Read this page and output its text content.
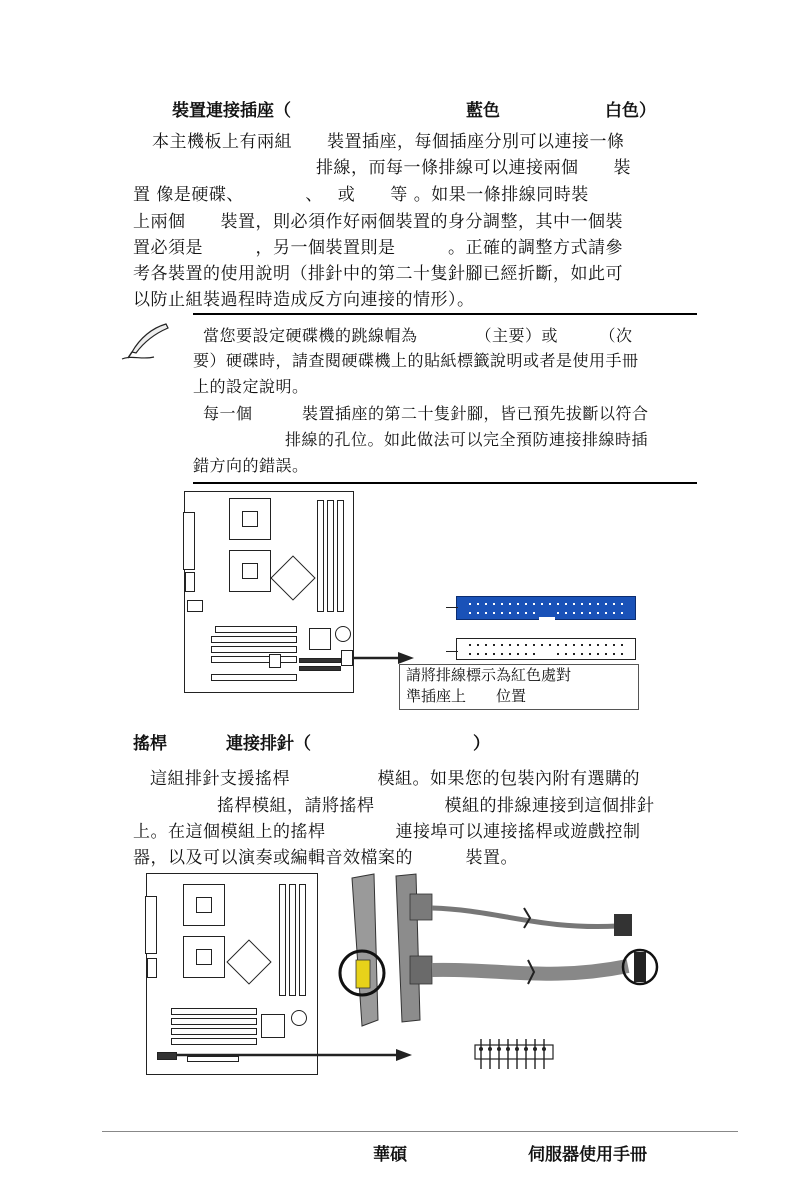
裝置連接插座（	藍色	白色）
本主機板上有兩組　　裝置插座，每個插座分別可以連接一條
排線，而每一條排線可以連接兩個　　裝
置 像是硬碟、　　　　、　 或　　等 。如果一條排線同時裝
上兩個　　裝置，則必須作好兩個裝置的身分調整，其中一個裝
置必須是　　　，另一個裝置則是　　　。正確的調整方式請參
考各裝置的使用說明（排針中的第二十隻針腳已經折斷，如此可
以防止組裝過程時造成反方向連接的情形）。
當您要設定硬碟機的跳線帽為　　　　（主要）或　　　（次
要）硬碟時，請查閱硬碟機上的貼紙標籤說明或者是使用手冊
上的設定說明。
每一個　　　裝置插座的第二十隻針腳，皆已預先拔斷以符合
排線的孔位。如此做法可以完全預防連接排線時插
錯方向的錯誤。
請將排線標示為紅色處對
準插座上　　位置
搖桿	連接排針（	）
這組排針支援搖桿　　　　　模組。如果您的包裝內附有選購的
搖桿模組，請將搖桿　　　　模組的排線連接到這個排針
上。在這個模組上的搖桿　　　　連接埠可以連接搖桿或遊戲控制
器，以及可以演奏或編輯音效檔案的　　　裝置。
華碩	伺服器使用手冊
